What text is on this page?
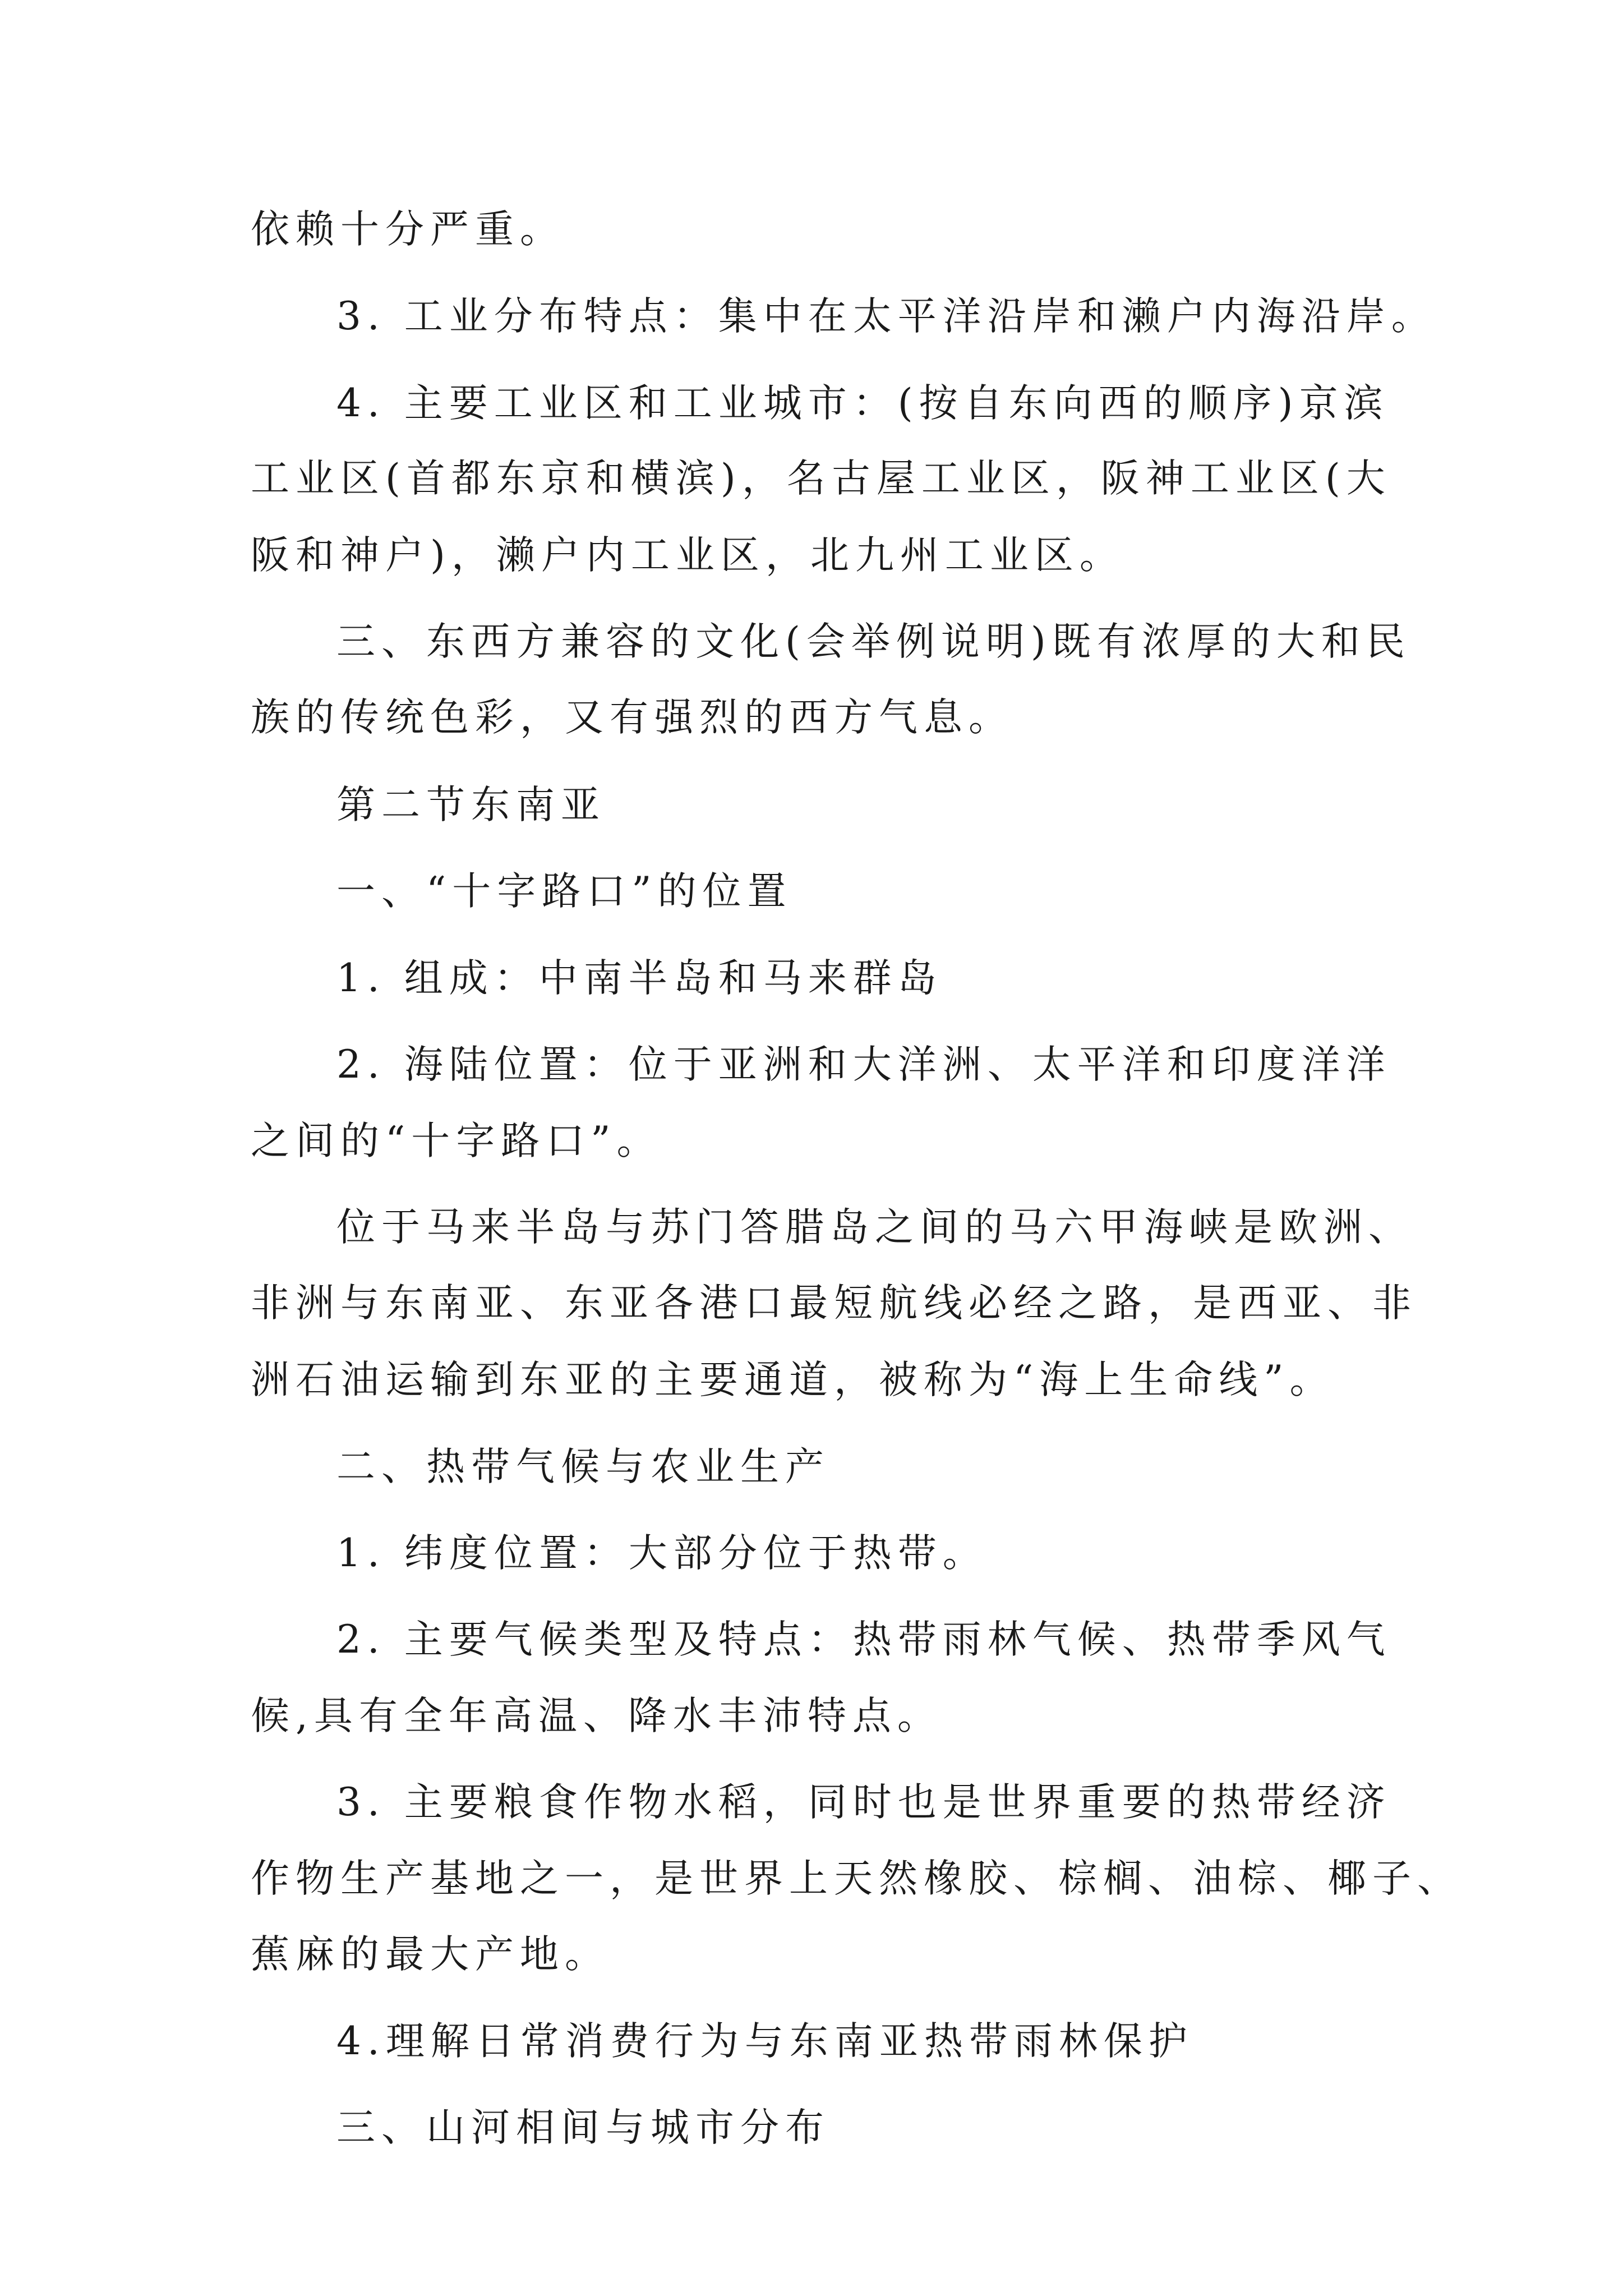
依赖十分严重。
3. 工业分布特点：集中在太平洋沿岸和濑户内海沿岸。
4. 主要工业区和工业城市：(按自东向西的顺序)京滨
工业区(首都东京和横滨)，名古屋工业区，阪神工业区(大
阪和神户)，濑户内工业区，北九州工业区。
三、东西方兼容的文化(会举例说明)既有浓厚的大和民
族的传统色彩，又有强烈的西方气息。
第二节东南亚
一、“十字路口”的位置
1. 组成：中南半岛和马来群岛
2. 海陆位置：位于亚洲和大洋洲、太平洋和印度洋洋
之间的“十字路口”。
位于马来半岛与苏门答腊岛之间的马六甲海峡是欧洲、
非洲与东南亚、东亚各港口最短航线必经之路，是西亚、非
洲石油运输到东亚的主要通道，被称为“海上生命线”。
二、热带气候与农业生产
1. 纬度位置：大部分位于热带。
2. 主要气候类型及特点：热带雨林气候、热带季风气
候,具有全年高温、降水丰沛特点。
3. 主要粮食作物水稻，同时也是世界重要的热带经济
作物生产基地之一，是世界上天然橡胶、棕榈、油棕、椰子、
蕉麻的最大产地。
4.理解日常消费行为与东南亚热带雨林保护
三、山河相间与城市分布
